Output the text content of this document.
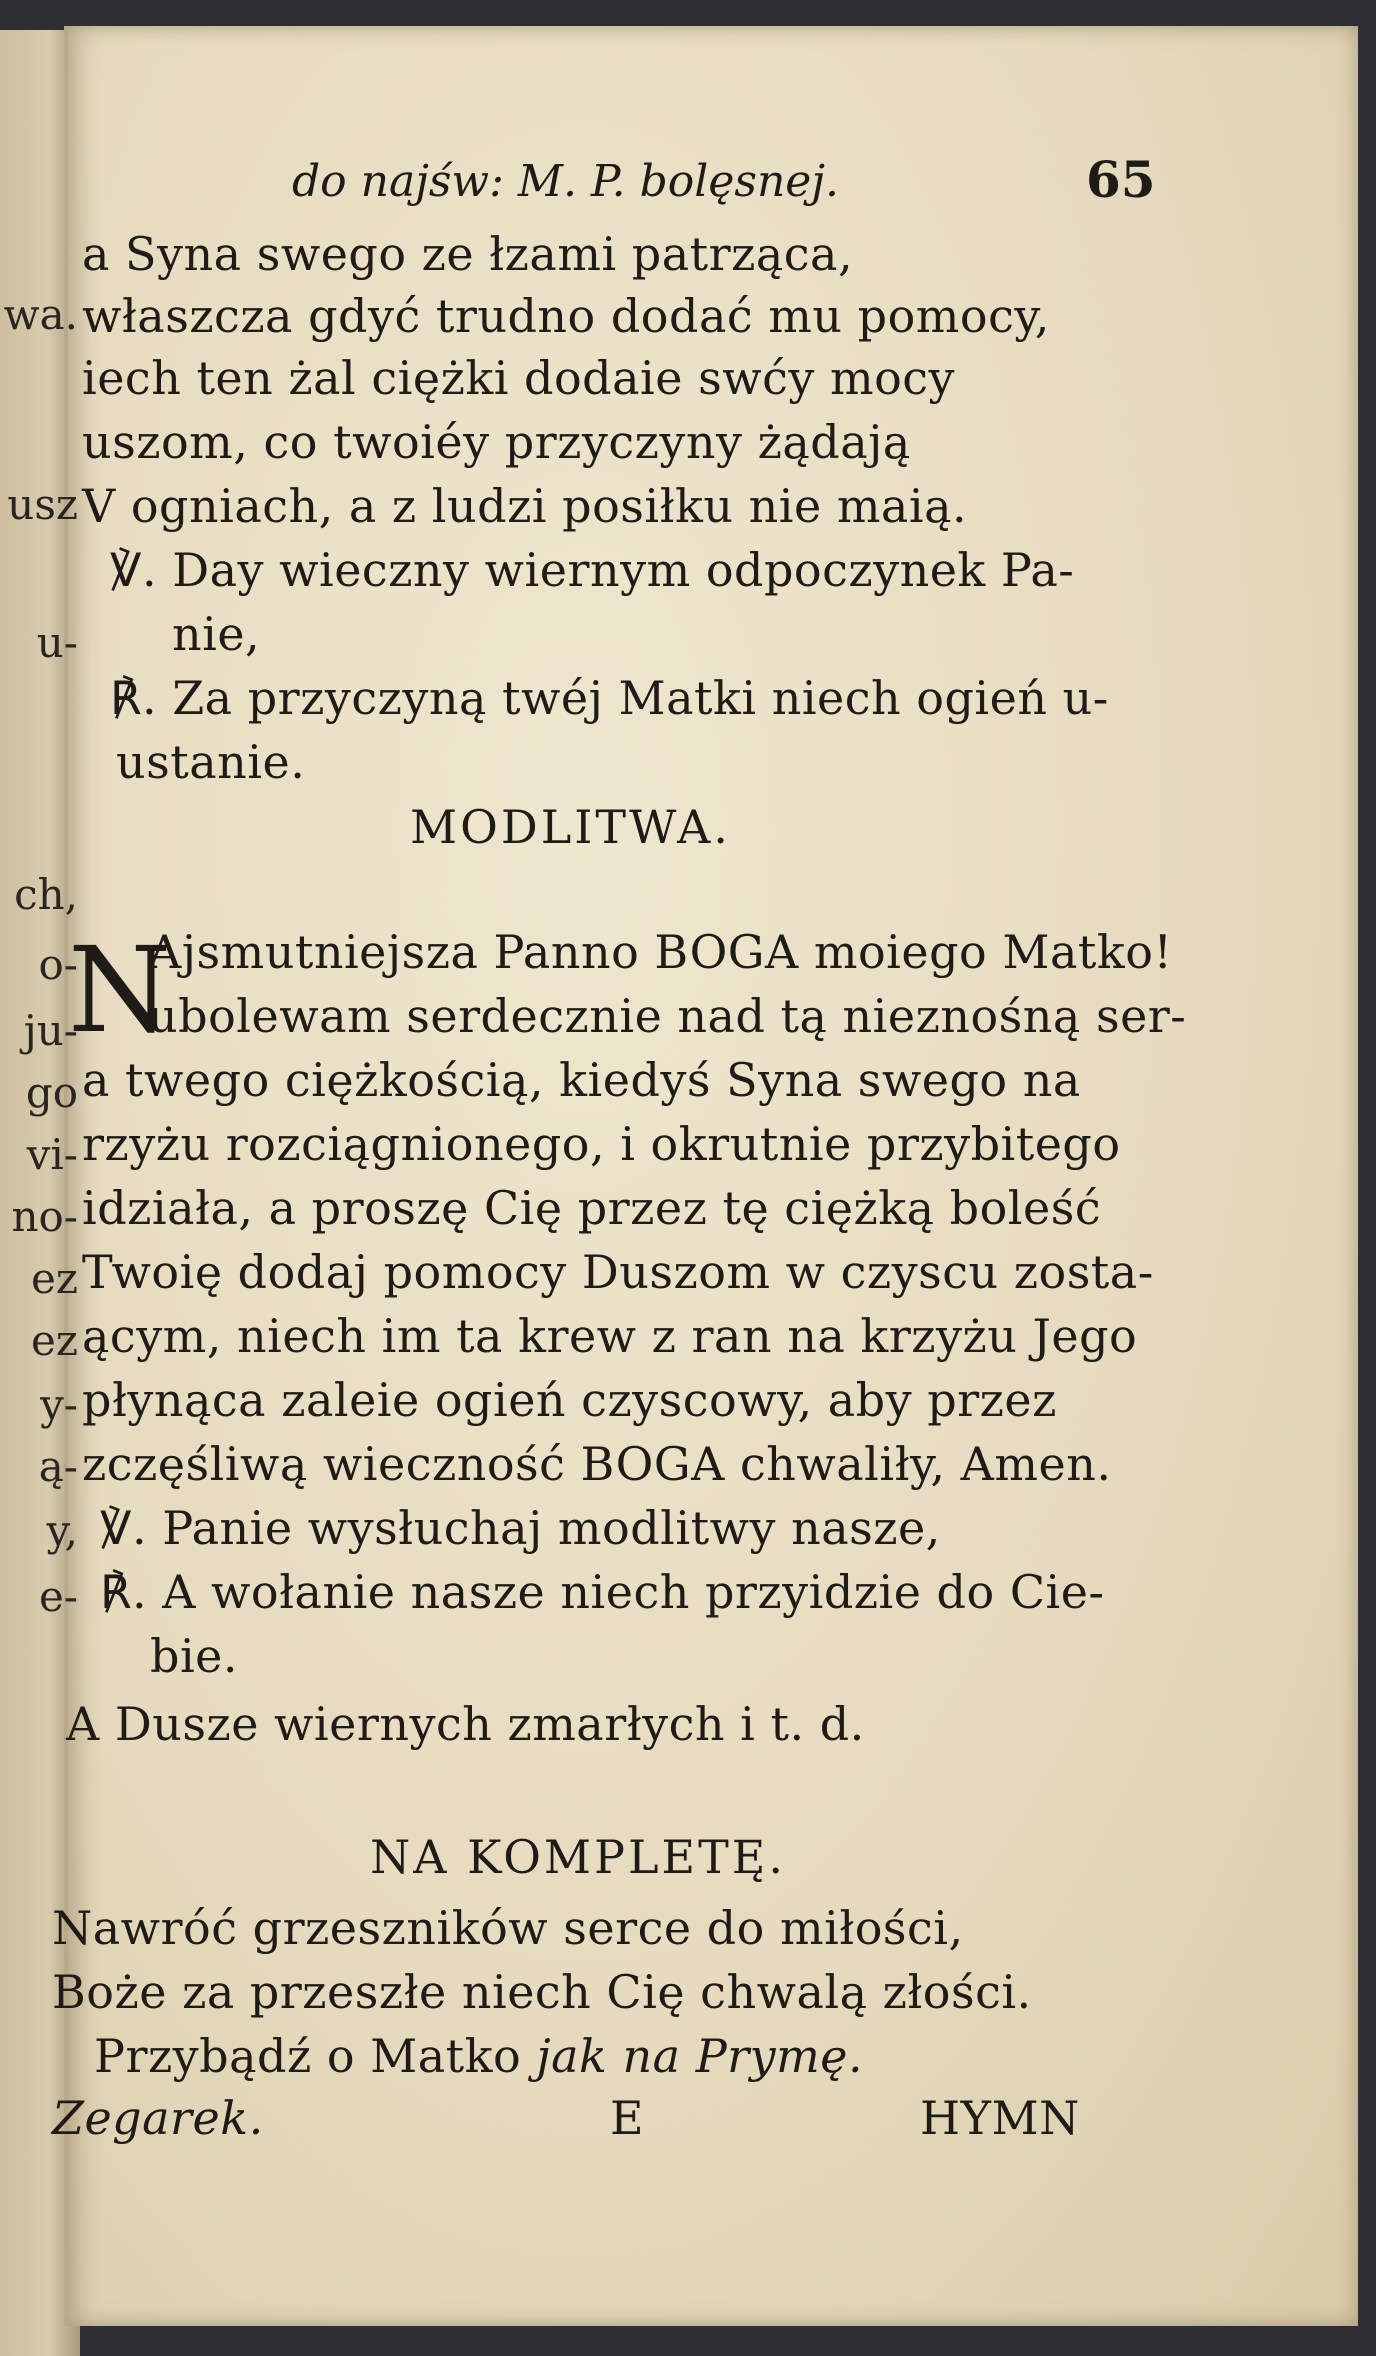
wa.
usz
u-
ch,
o-
ju-
go
vi-
no-
ez
ez
y-
ą-
y,
e-
do najśw: M. P. bolęsnej.	65
a Syna swego ze łzami patrząca,
właszcza gdyć trudno dodać mu pomocy,
iech ten żal ciężki dodaie swćy mocy
uszom, co twoiéy przyczyny żądają
V ogniach, a z ludzi posiłku nie maią.
℣. Day wieczny wiernym odpoczynek Pa-
nie,
℟. Za przyczyną twéj Matki niech ogień u-
ustanie.
MODLITWA.
N
Ajsmutniejsza Panno BOGA moiego Matko!
ubolewam serdecznie nad tą nieznośną ser-
a twego ciężkością, kiedyś Syna swego na
rzyżu rozciągnionego, i okrutnie przybitego
idziała, a proszę Cię przez tę ciężką boleść
Twoię dodaj pomocy Duszom w czyscu zosta-
ącym, niech im ta krew z ran na krzyżu Jego
płynąca zaleie ogień czyscowy, aby przez
zczęśliwą wieczność BOGA chwaliły, Amen.
℣. Panie wysłuchaj modlitwy nasze,
℟. A wołanie nasze niech przyidzie do Cie-
bie.
A Dusze wiernych zmarłych i t. d.
NA KOMPLETĘ.
Nawróć grzeszników serce do miłości,
Boże za przeszłe niech Cię chwalą złości.
Przybądź o Matko jak na Prymę.
Zegarek.	E	HYMN
